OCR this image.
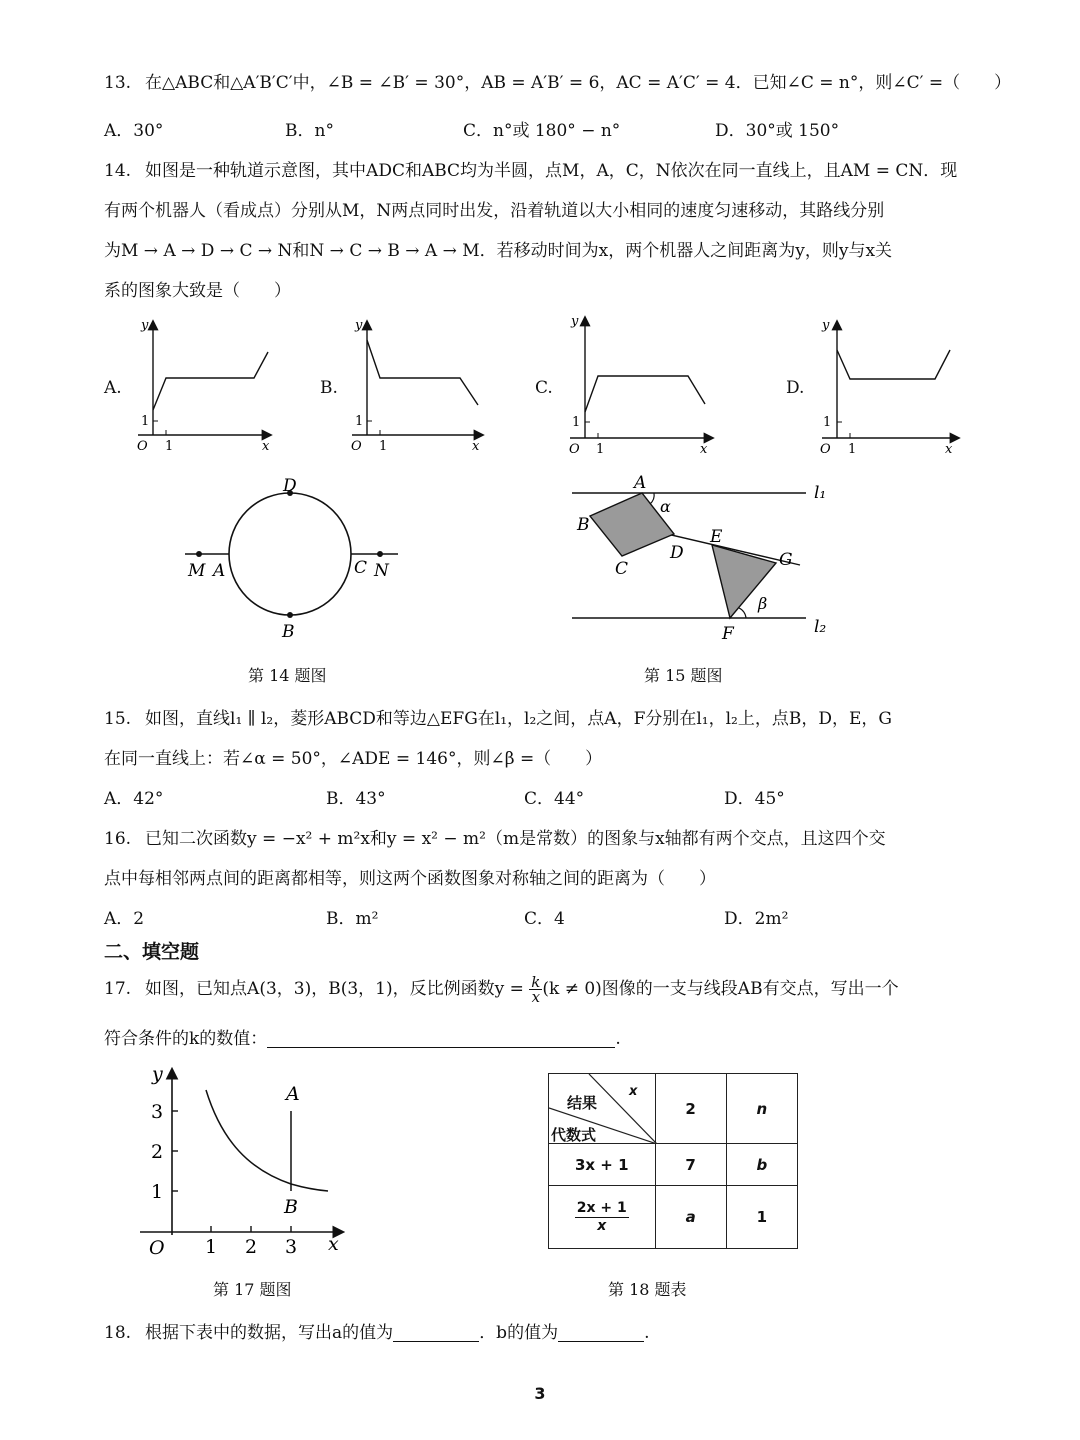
13. 在△ABC和△A′B′C′中，∠B = ∠B′ = 30°，AB = A′B′ = 6，AC = A′C′ = 4．已知∠C = n°，则∠C′ =（　　）
A．30°	B．n°	C．n°或 180° − n°	D．30°或 150°
14. 如图是一种轨道示意图，其中ADC和ABC均为半圆，点M，A，C，N依次在同一直线上，且AM = CN．现
有两个机器人（看成点）分别从M，N两点同时出发，沿着轨道以大小相同的速度匀速移动，其路线分别
为M → A → D → C → N和N → C → B → A → M．若移动时间为x，两个机器人之间距离为y，则y与x关
系的图象大致是（　　）
A.	B.	C.	D.
y
x
O 1
1
y
x
O 1
1
y
x
O 1
1
y
x
O 1
1
D
M A	C N
B
第 14 题图
A
α
l₁
B
E
D	G
C
β
F	l₂
第 15 题图
15. 如图，直线l₁ ∥ l₂，菱形ABCD和等边△EFG在l₁，l₂之间，点A，F分别在l₁，l₂上，点B，D，E，G
在同一直线上：若∠α = 50°，∠ADE = 146°，则∠β =（　　）
A．42°	B．43°	C．44°	D．45°
16. 已知二次函数y = −x² + m²x和y = x² − m²（m是常数）的图象与x轴都有两个交点，且这四个交
点中每相邻两点间的距离都相等，则这两个函数图象对称轴之间的距离为（　　）
A．2	B．m²	C．4	D．2m²
二、填空题
17. 如图，已知点A(3，3)，B(3，1)，反比例函数$y = \frac{k}{x} (k \ne 0)$图像的一支与线段AB有交点，写出一个
符合条件的k的数值：	.
y
x
O
3
2
1
1 2 3
A
B
第 17 题图
结果
x
代数式	2	n
3x + 1	7	b

$\frac{2x + 1}{x}$	a	1
第 18 题表
18. 根据下表中的数据，写出a的值为	．b的值为	.
3
